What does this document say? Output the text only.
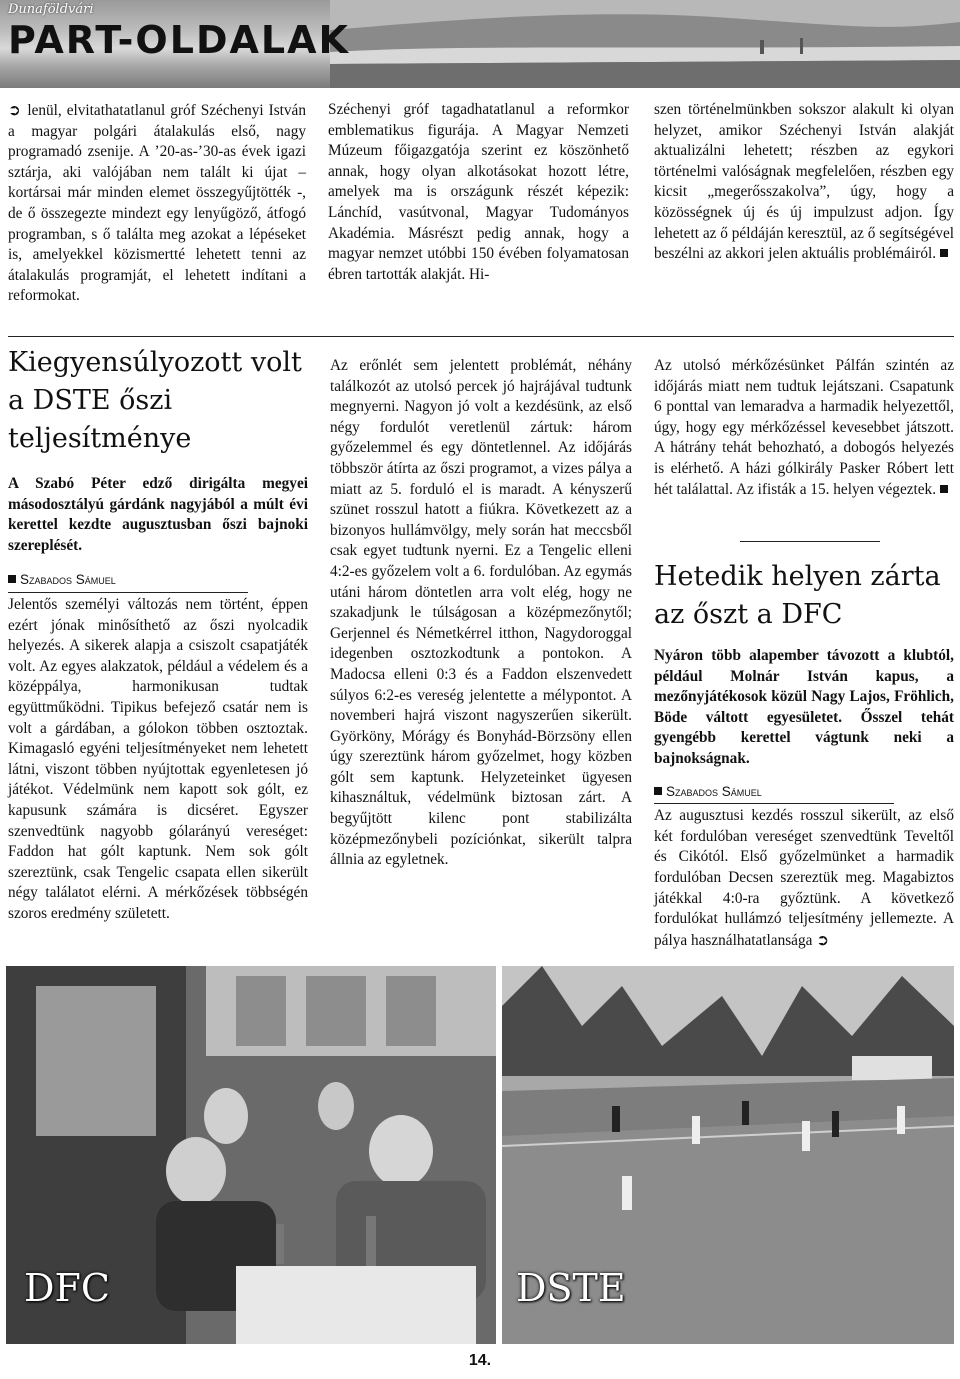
Dunaföldvári
PART-OLDALAK

➲ lenül, elvitathatatlanul gróf Széchenyi István a magyar polgári átalakulás első, nagy programadó zsenije. A ’20-as-’30-as évek igazi sztárja, aki valójában nem talált ki újat – kortársai már minden elemet összegyűjtötték -, de ő összegezte mindezt egy lenyűgöző, átfogó programban, s ő találta meg azokat a lépéseket is, amelyekkel közismertté lehetett tenni az átalakulás programját, el lehetett indítani a reformokat.

Széchenyi gróf tagadhatatlanul a reformkor emblematikus figurája. A Magyar Nemzeti Múzeum főigazgatója szerint ez köszönhető annak, hogy olyan alkotásokat hozott létre, amelyek ma is országunk részét képezik: Lánchíd, vasútvonal, Magyar Tudományos Akadémia. Másrészt pedig annak, hogy a magyar nemzet utóbbi 150 évében folyamatosan ébren tartották alakját. Hi-

szen történelmünkben sokszor alakult ki olyan helyzet, amikor Széchenyi István alakját aktualizálni lehetett; részben az egykori történelmi valóságnak megfelelően, részben egy kicsit „megerősszakolva”, úgy, hogy a közösségnek új és új impulzust adjon. Így lehetett az ő példáján keresztül, az ő segítségével beszélni az akkori jelen aktuális problémáiról.

Kiegyensúlyozott volt a DSTE őszi teljesítménye

A Szabó Péter edző dirigálta megyei másodosztályú gárdánk nagyjából a múlt évi kerettel kezdte augusztusban őszi bajnoki szereplését.

Szabados Sámuel

Jelentős személyi változás nem történt, éppen ezért jónak minősíthető az őszi nyolcadik helyezés. A sikerek alapja a csiszolt csapatjáték volt. Az egyes alakzatok, például a védelem és a középpálya, harmonikusan tudtak együttműködni. Tipikus befejező csatár nem is volt a gárdában, a gólokon többen osztoztak. Kimagasló egyéni teljesítményeket nem lehetett látni, viszont többen nyújtottak egyenletesen jó játékot. Védelmünk nem kapott sok gólt, ez kapusunk számára is dicséret. Egyszer szenvedtünk nagyobb gólarányú vereséget: Faddon hat gólt kaptunk. Nem sok gólt szereztünk, csak Tengelic csapata ellen sikerült négy találatot elérni. A mérkőzések többségén szoros eredmény született.

Az erőnlét sem jelentett problémát, néhány találkozót az utolsó percek jó hajrájával tudtunk megnyerni. Nagyon jó volt a kezdésünk, az első négy fordulót veretlenül zártuk: három győzelemmel és egy döntetlennel. Az időjárás többször átírta az őszi programot, a vizes pálya a miatt az 5. forduló el is maradt. A kényszerű szünet rosszul hatott a fiúkra. Következett az a bizonyos hullámvölgy, mely során hat meccsből csak egyet tudtunk nyerni. Ez a Tengelic elleni 4:2-es győzelem volt a 6. fordulóban. Az egymás utáni három döntetlen arra volt elég, hogy ne szakadjunk le túlságosan a középmezőnytől; Gerjennel és Németkérrel itthon, Nagydoroggal idegenben osztozkodtunk a pontokon. A Madocsa elleni 0:3 és a Faddon elszenvedett súlyos 6:2-es vereség jelentette a mélypontot. A novemberi hajrá viszont nagyszerűen sikerült. Györköny, Mórágy és Bonyhád-Börzsöny ellen úgy szereztünk három győzelmet, hogy közben gólt sem kaptunk. Helyzeteinket ügyesen kihasználtuk, védelmünk biztosan zárt. A begyűjtött kilenc pont stabilizálta középmezőnybeli pozíciónkat, sikerült talpra állnia az egyletnek.

Az utolsó mérkőzésünket Pálfán szintén az időjárás miatt nem tudtuk lejátszani. Csapatunk 6 ponttal van lemaradva a harmadik helyezettől, úgy, hogy egy mérkőzéssel kevesebbet játszott. A hátrány tehát behozható, a dobogós helyezés is elérhető. A házi gólkirály Pasker Róbert lett hét találattal. Az ifisták a 15. helyen végeztek.

Hetedik helyen zárta az őszt a DFC

Nyáron több alapember távozott a klubtól, például Molnár István kapus, a mezőnyjátékosok közül Nagy Lajos, Fröhlich, Böde váltott egyesületet. Ősszel tehát gyengébb kerettel vágtunk neki a bajnokságnak.

Szabados Sámuel

Az augusztusi kezdés rosszul sikerült, az első két fordulóban vereséget szenvedtünk Teveltől és Cikótól. Első győzelmünket a harmadik fordulóban Decsen szereztük meg. Magabiztos játékkal 4:0-ra győztünk. A következő fordulókat hullámzó teljesítmény jellemezte. A pálya használhatatlansága ➲

DFC	DSTE
14.
